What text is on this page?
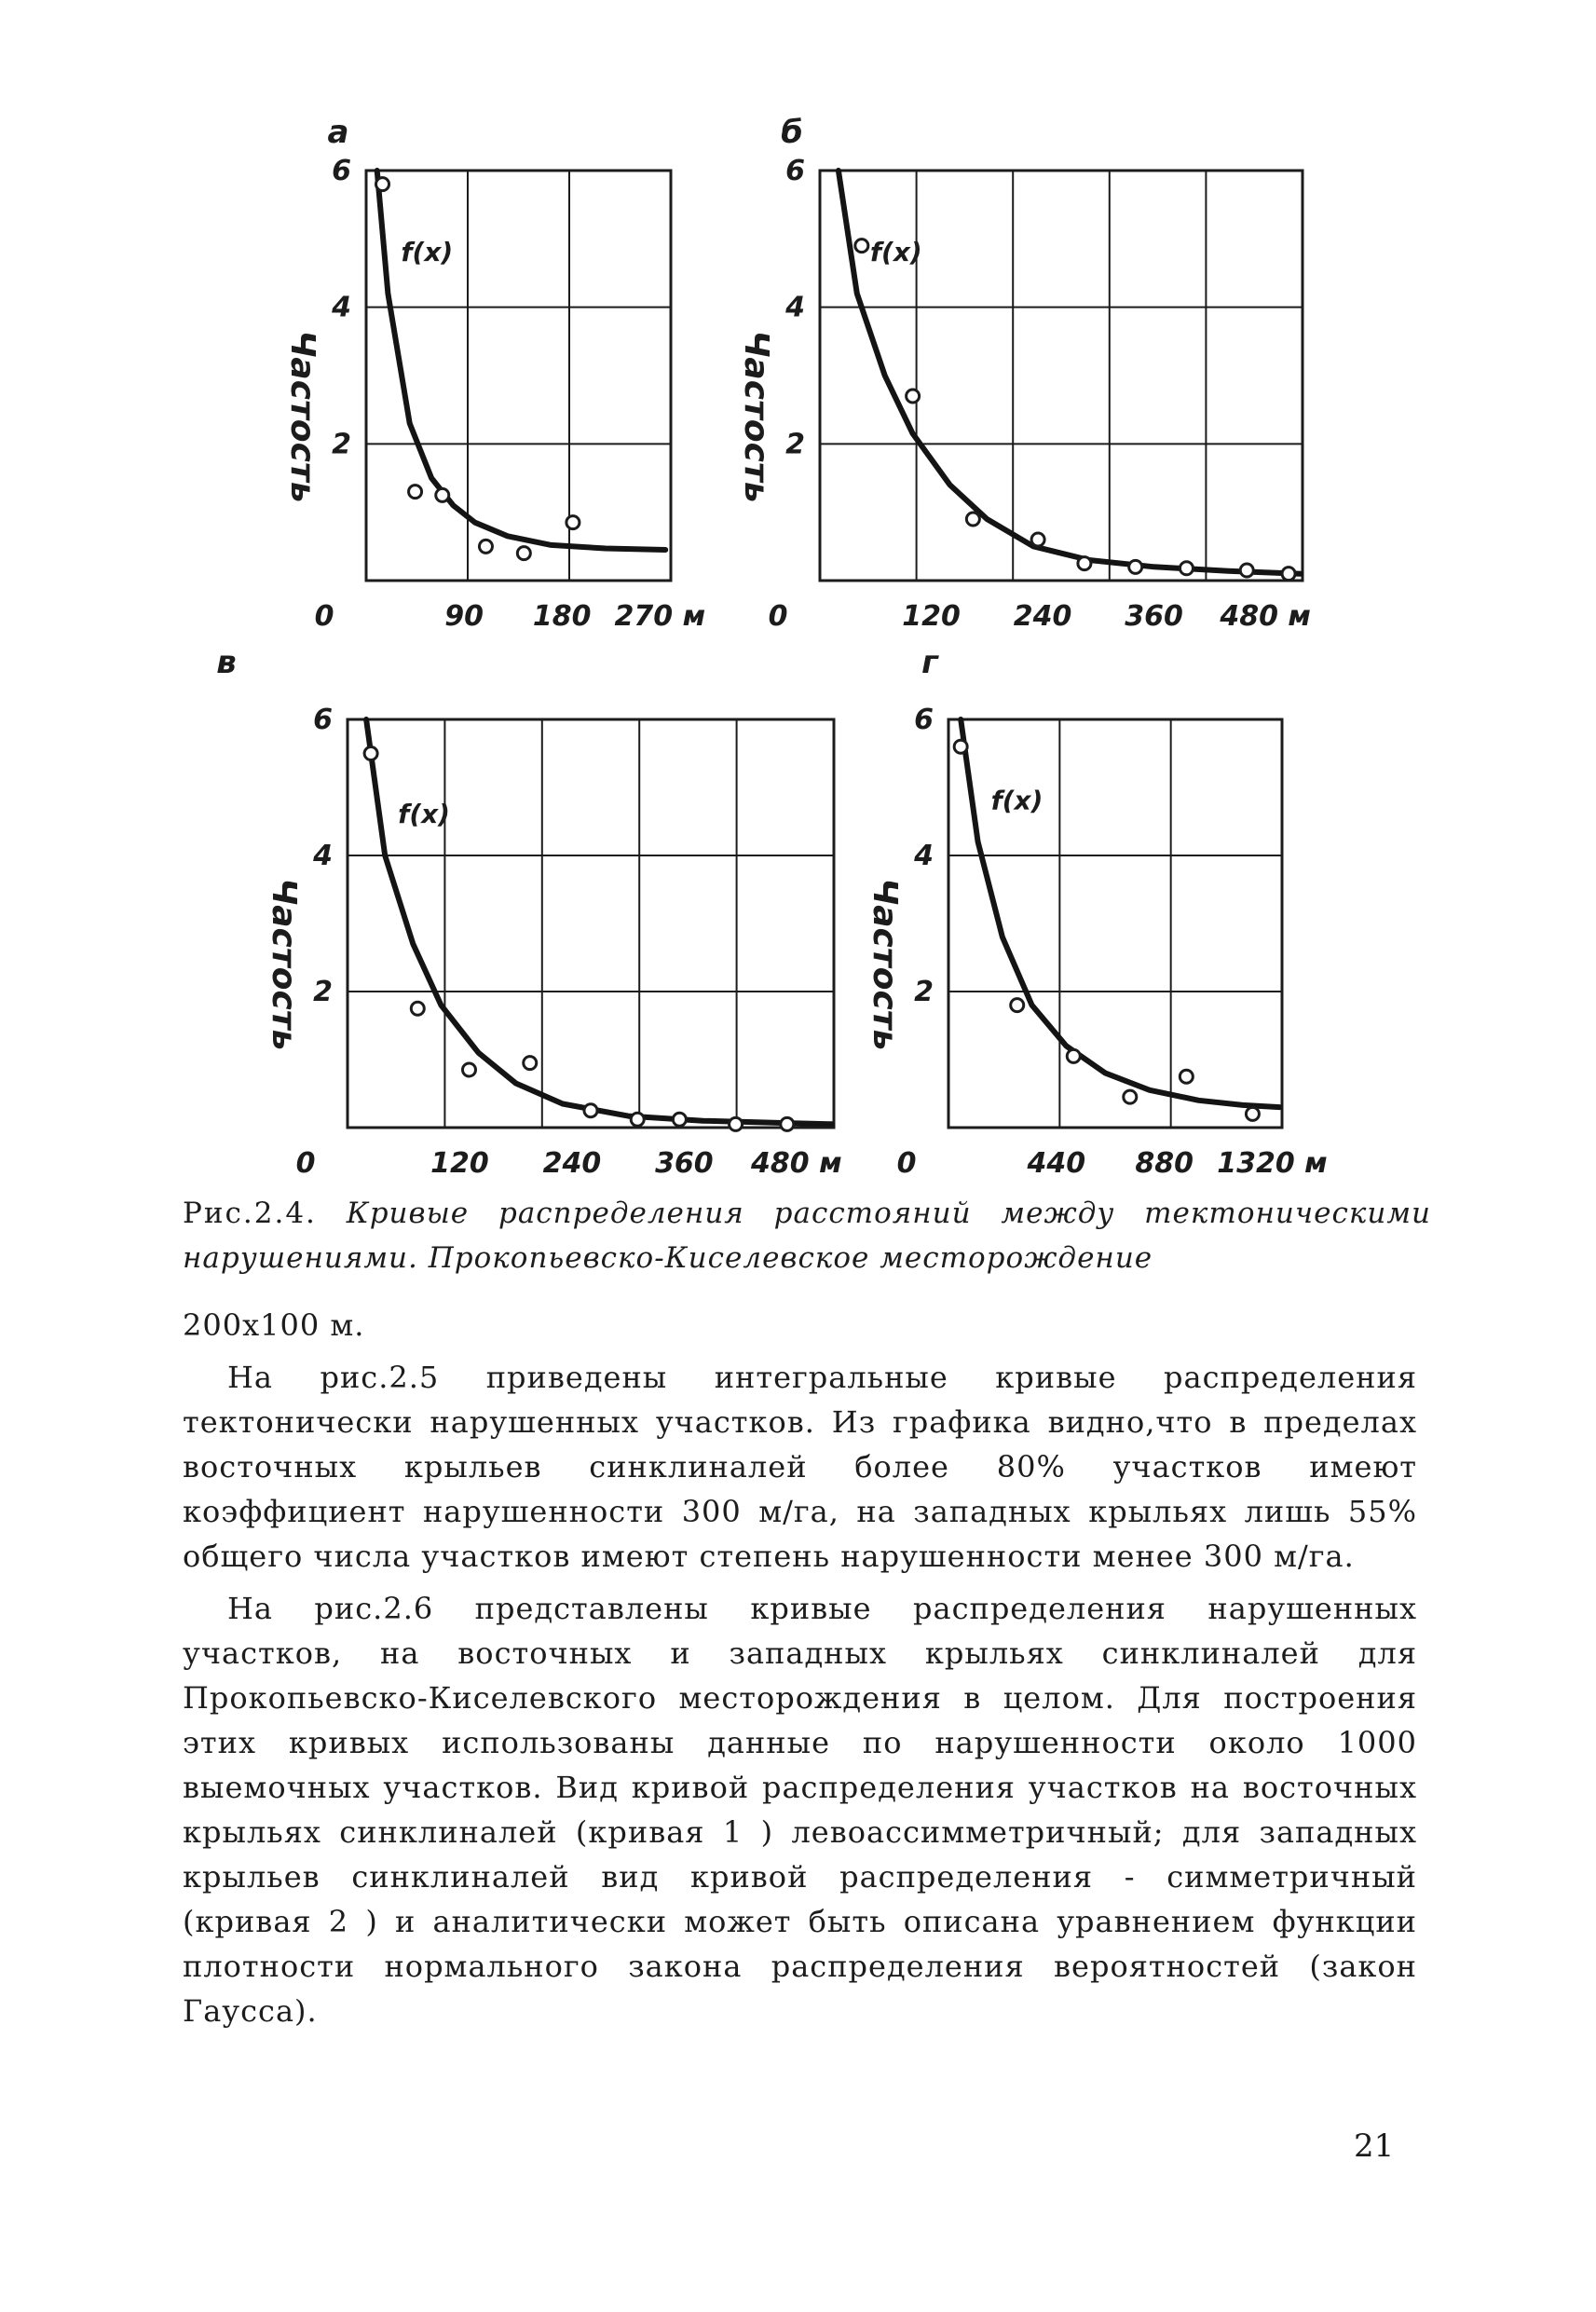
f(x)
а
6
4
2
0	90 180 270 м
Частость
f(x)
б
6
4
2
0	120 240 360 480 м
Частость
f(x)
в
6
4
2
0	120 240 360 480 м
Частость
f(x)
г
6
4
2
0	440 880 1320 м
Частость
Рис.2.4. Кривые распределения расстояний между тектоническими нарушениями. Прокопьевско-Киселевское месторождение

200х100 м.

На рис.2.5 приведены интегральные кривые распределения тектонически нарушенных участков. Из графика видно,что в пределах восточных крыльев синклиналей более 80% участков имеют коэффициент нарушенности 300 м/га, на западных крыльях лишь 55% общего числа участков имеют степень нарушенности менее 300 м/га.

На рис.2.6 представлены кривые распределения нарушенных участков, на восточных и западных крыльях синклиналей для Прокопьевско-Киселевского месторождения в целом. Для построения этих кривых использованы данные по нарушенности около 1000 выемочных участков. Вид кривой распределения участков на восточных крыльях синклиналей (кривая 1 ) левоассимметричный; для западных крыльев синклиналей вид кривой распределения - симметричный (кривая 2 ) и аналитически может быть описана уравнением функции плотности нормального закона распределения вероятностей (закон Гаусса).

21
